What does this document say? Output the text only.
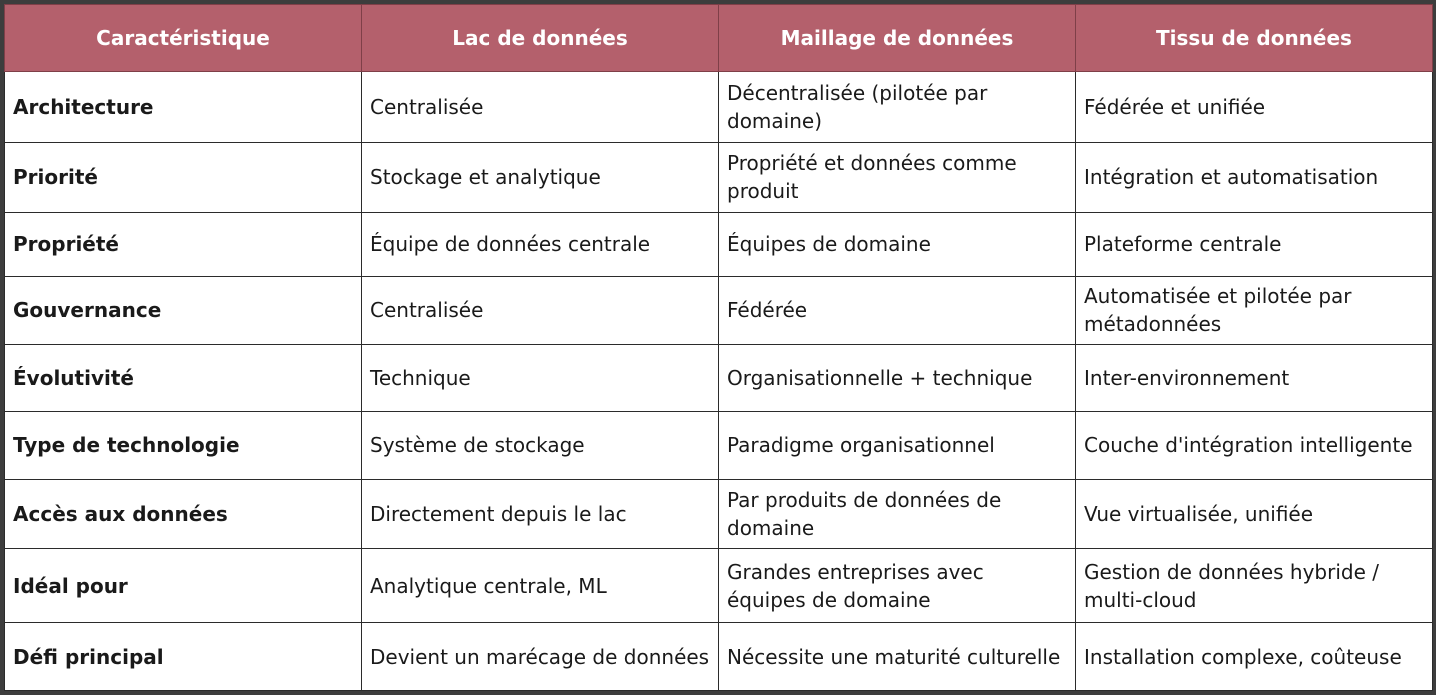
Caractéristique	Lac de données	Maillage de données	Tissu de données
Architecture	Centralisée	Décentralisée (pilotée par domaine)	Fédérée et unifiée
Priorité	Stockage et analytique	Propriété et données comme produit	Intégration et automatisation
Propriété	Équipe de données centrale	Équipes de domaine	Plateforme centrale
Gouvernance	Centralisée	Fédérée	Automatisée et pilotée par métadonnées
Évolutivité	Technique	Organisationnelle + technique	Inter-environnement
Type de technologie	Système de stockage	Paradigme organisationnel	Couche d'intégration intelligente
Accès aux données	Directement depuis le lac	Par produits de données de domaine	Vue virtualisée, unifiée
Idéal pour	Analytique centrale, ML	Grandes entreprises avec équipes de domaine	Gestion de données hybride / multi-cloud
Défi principal	Devient un marécage de données	Nécessite une maturité culturelle	Installation complexe, coûteuse
